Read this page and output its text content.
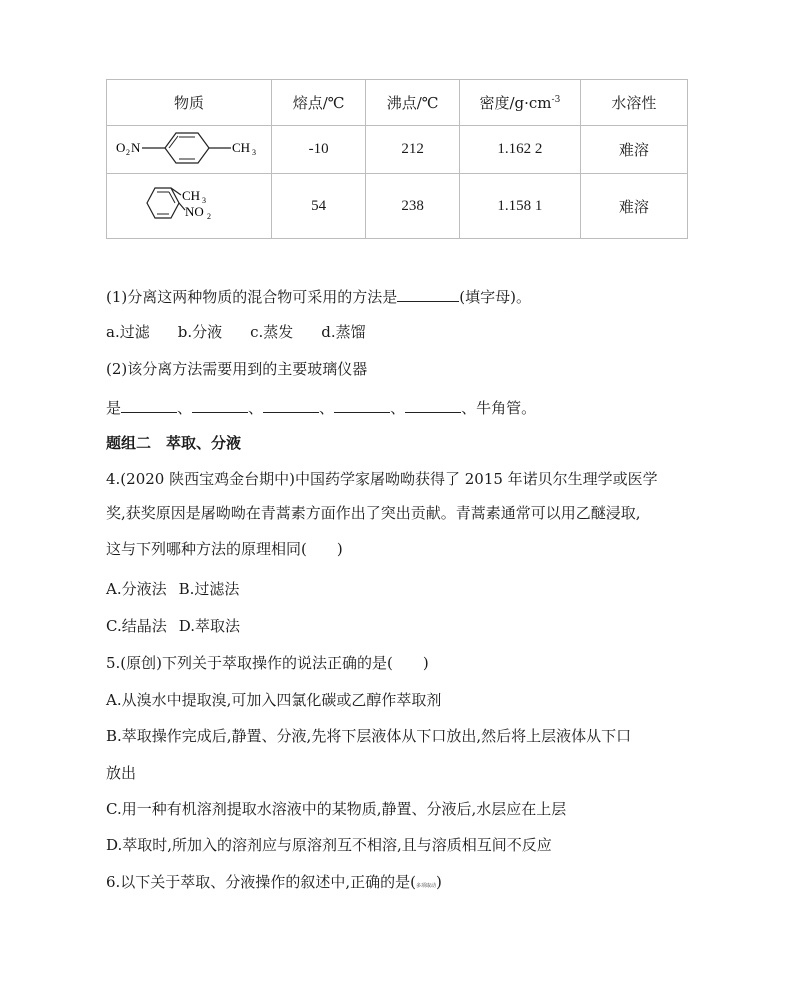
物质	熔点/℃	沸点/℃	密度$/g\cdot cm^{-3}$	水溶性

O 2 N CH 3	-10	212	1.162 2	难溶

CH 3
NO 2	54	238	1.158 1	难溶
(1)分离这两种物质的混合物可采用的方法是	(填字母)。
a.过滤 b.分液 c.蒸发 d.蒸馏
(2)该分离方法需要用到的主要玻璃仪器
是	、	、	、	、	、牛角管。
题组二　萃取、分液
4.(2020 陕西宝鸡金台期中)中国药学家屠呦呦获得了 2015 年诺贝尔生理学或医学
奖,获奖原因是屠呦呦在青蒿素方面作出了突出贡献。青蒿素通常可以用乙醚浸取,
这与下列哪种方法的原理相同(　　)
A.分液法 B.过滤法
C.结晶法 D.萃取法
5.(原创)下列关于萃取操作的说法正确的是(　　)
A.从溴水中提取溴,可加入四氯化碳或乙醇作萃取剂
B.萃取操作完成后,静置、分液,先将下层液体从下口放出,然后将上层液体从下口
放出
C.用一种有机溶剂提取水溶液中的某物质,静置、分液后,水层应在上层
D.萃取时,所加入的溶剂应与原溶剂互不相溶,且与溶质相互间不反应
6.以下关于萃取、分液操作的叙述中,正确的是(多项取动)
